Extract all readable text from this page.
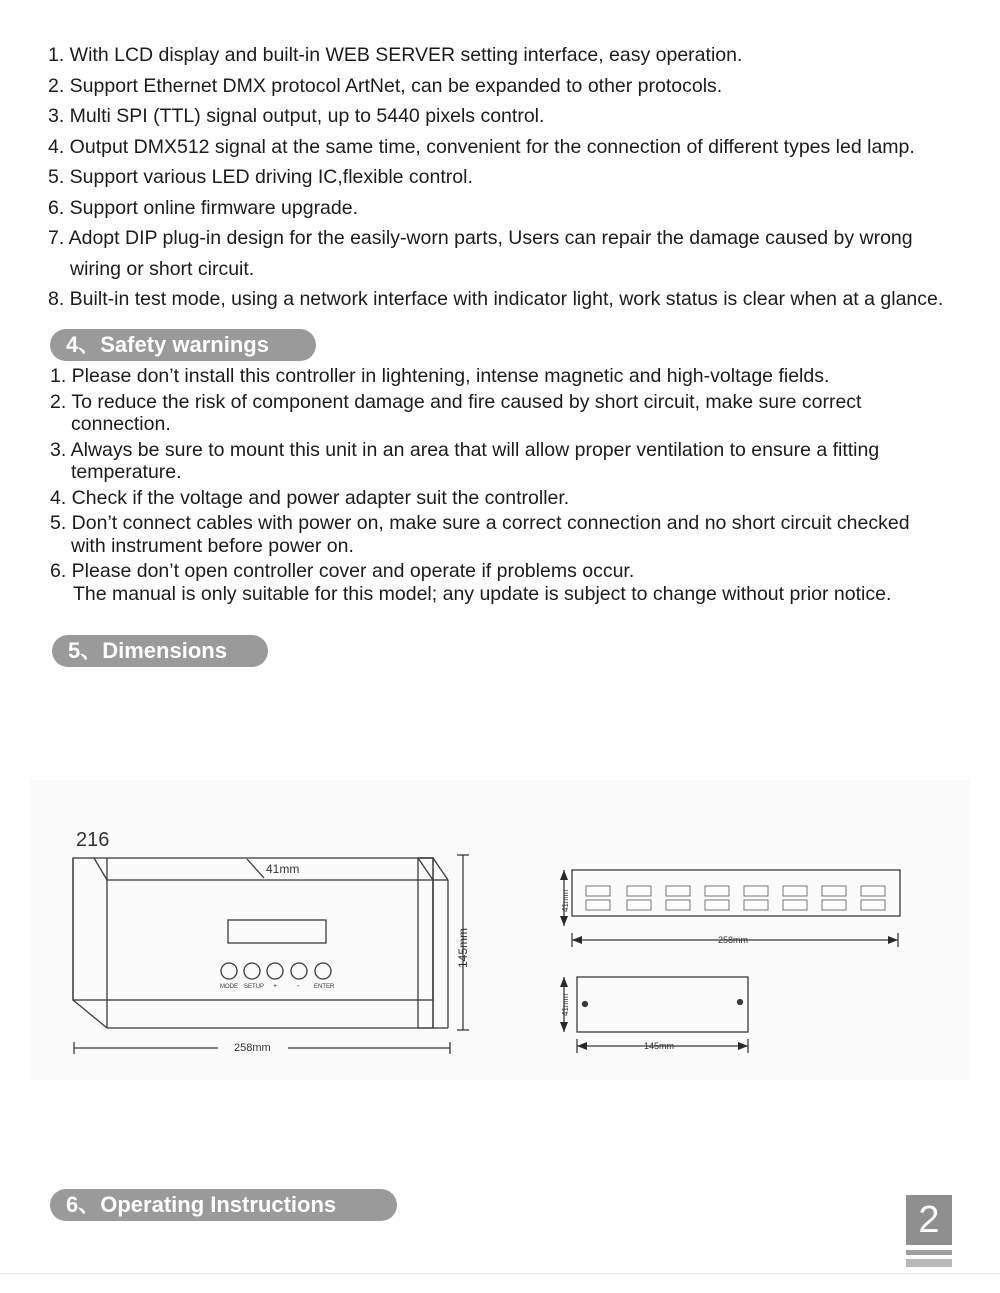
1. With LCD display and built-in WEB SERVER setting interface, easy operation.
2. Support Ethernet DMX protocol ArtNet, can be expanded to other protocols.
3. Multi SPI (TTL) signal output, up to 5440 pixels control.
4. Output DMX512 signal at the same time, convenient for the connection of different types led lamp.
5. Support various LED driving IC,flexible control.
6. Support online firmware upgrade.
7. Adopt DIP plug-in design for the easily-worn parts, Users can repair the damage caused by wrong
wiring or short circuit.
8. Built-in test mode, using a network interface with indicator light, work status is clear when at a glance.
4、Safety warnings
1. Please don’t install this controller in lightening, intense magnetic and high-voltage fields.
2. To reduce the risk of component damage and fire caused by short circuit, make sure correct
connection.
3. Always be sure to mount this unit in an area that will allow proper ventilation to ensure a fitting
temperature.
4. Check if the voltage and power adapter suit the controller.
5. Don’t connect cables with power on, make sure a correct connection and no short circuit checked
with instrument before power on.
6. Please don’t open controller cover and operate if problems occur.
The manual is only suitable for this model; any update is subject to change without prior notice.
5、Dimensions
216
41mm
258mm
145mm
MODE SETUP +	- ENTER
258mm
41mm
145mm
41mm
6、Operating Instructions	2
